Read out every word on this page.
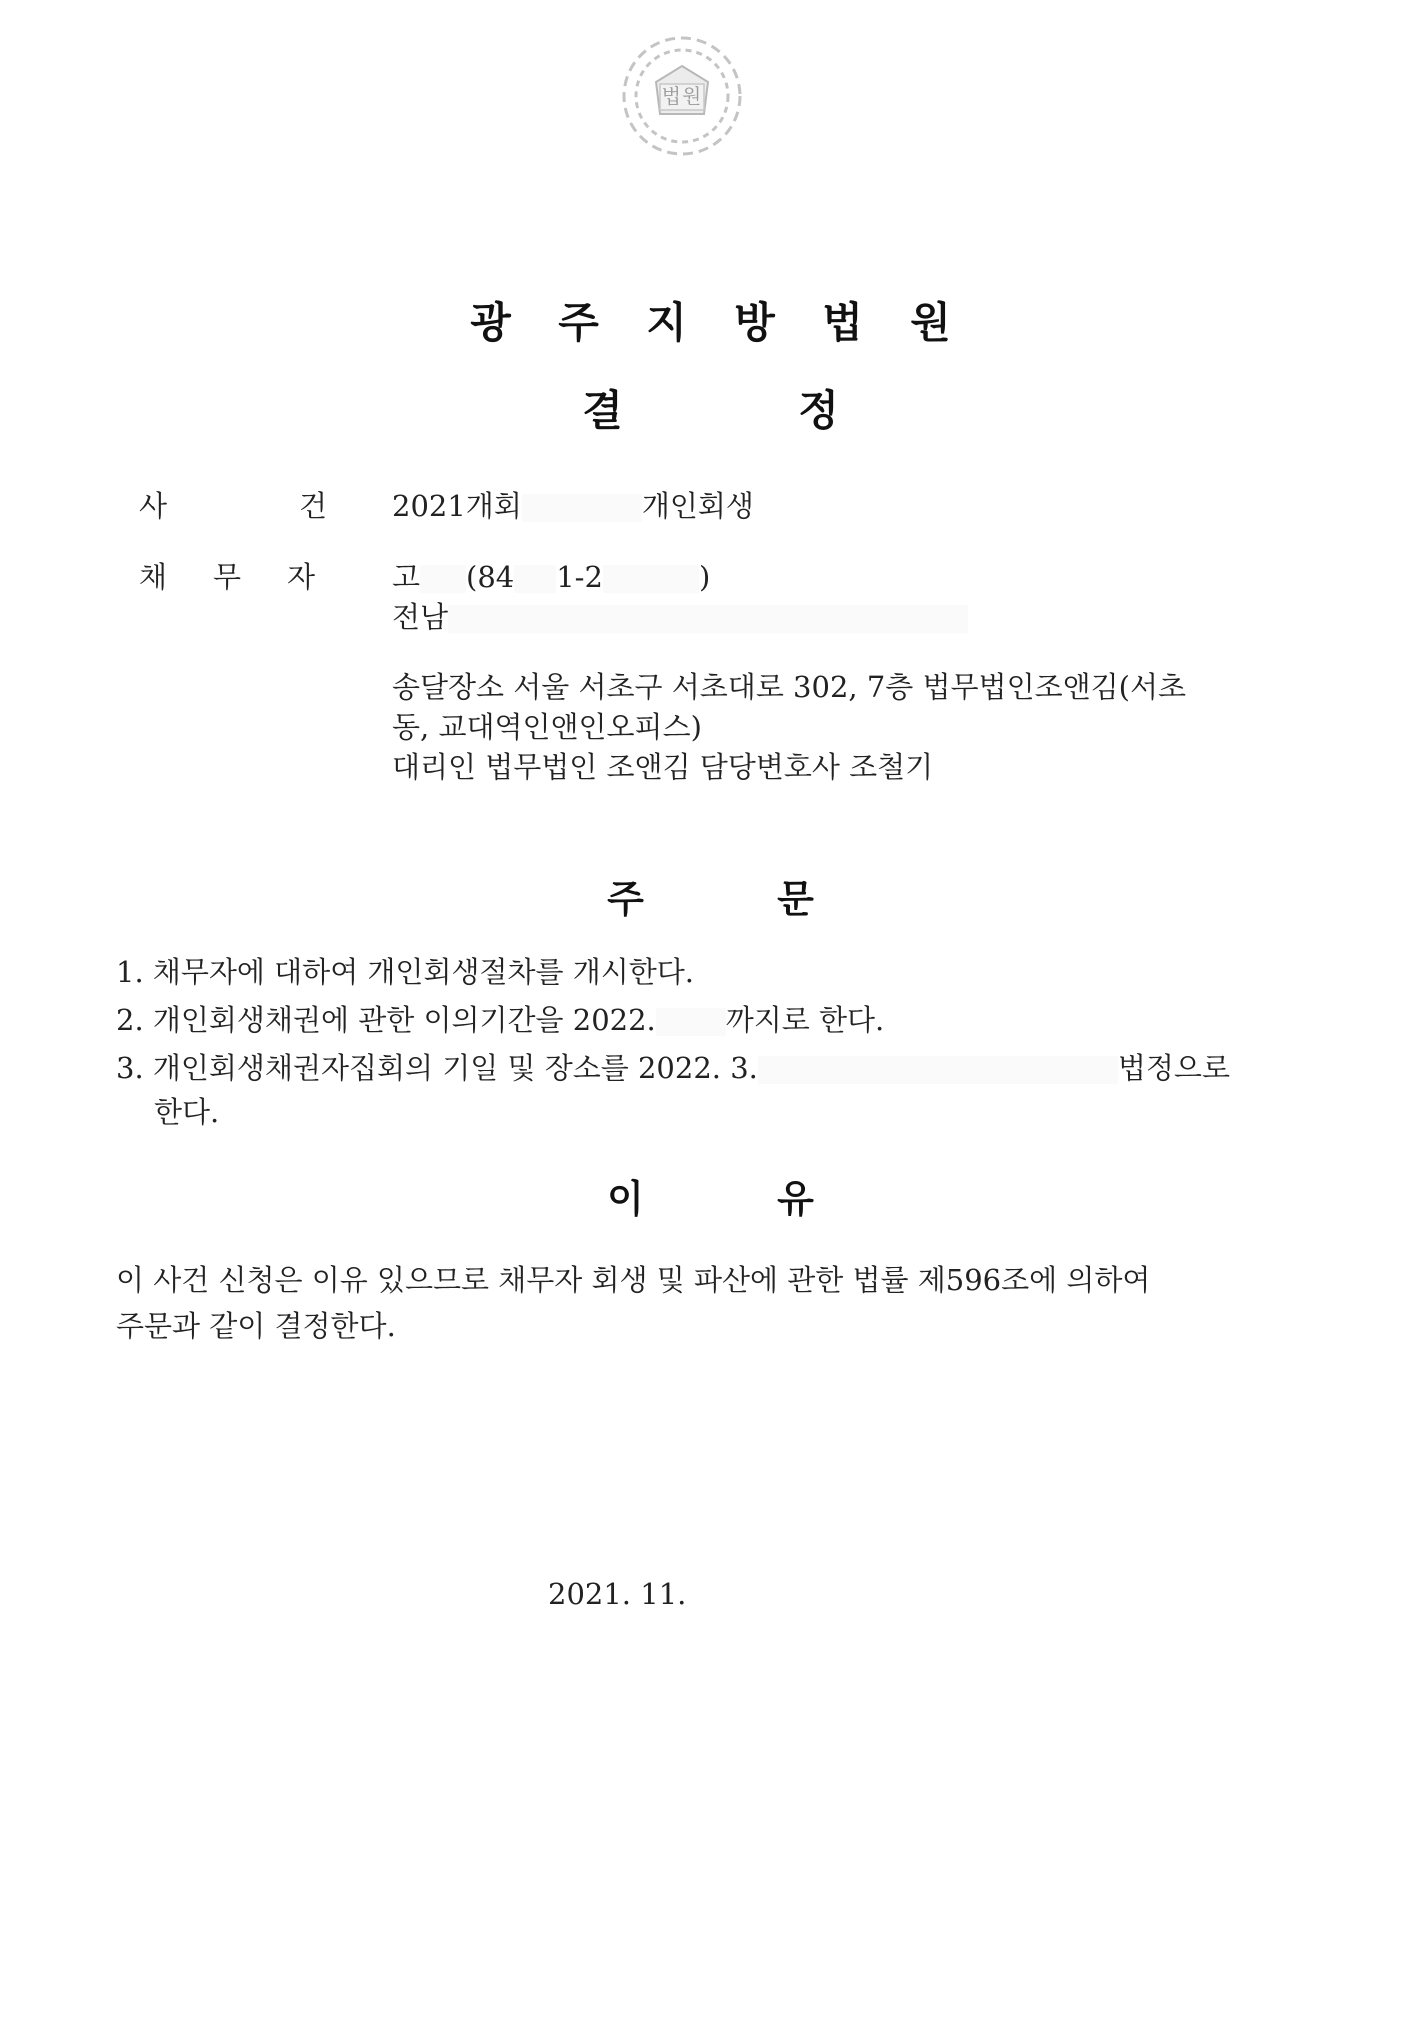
법원
광 주 지 방 법 원
결	정
사	건	2021개회	개인회생
채 무 자	고 (84 1-2	)
전남
송달장소 서울 서초구 서초대로 302, 7층 법무법인조앤김(서초
동, 교대역인앤인오피스)
대리인 법무법인 조앤김 담당변호사 조철기
주	문
1. 채무자에 대하여 개인회생절차를 개시한다.
2. 개인회생채권에 관한 이의기간을 2022. 까지로 한다.
3. 개인회생채권자집회의 기일 및 장소를 2022. 3.	법정으로
한다.
이	유
이 사건 신청은 이유 있으므로 채무자 회생 및 파산에 관한 법률 제596조에 의하여
주문과 같이 결정한다.
2021. 11.
